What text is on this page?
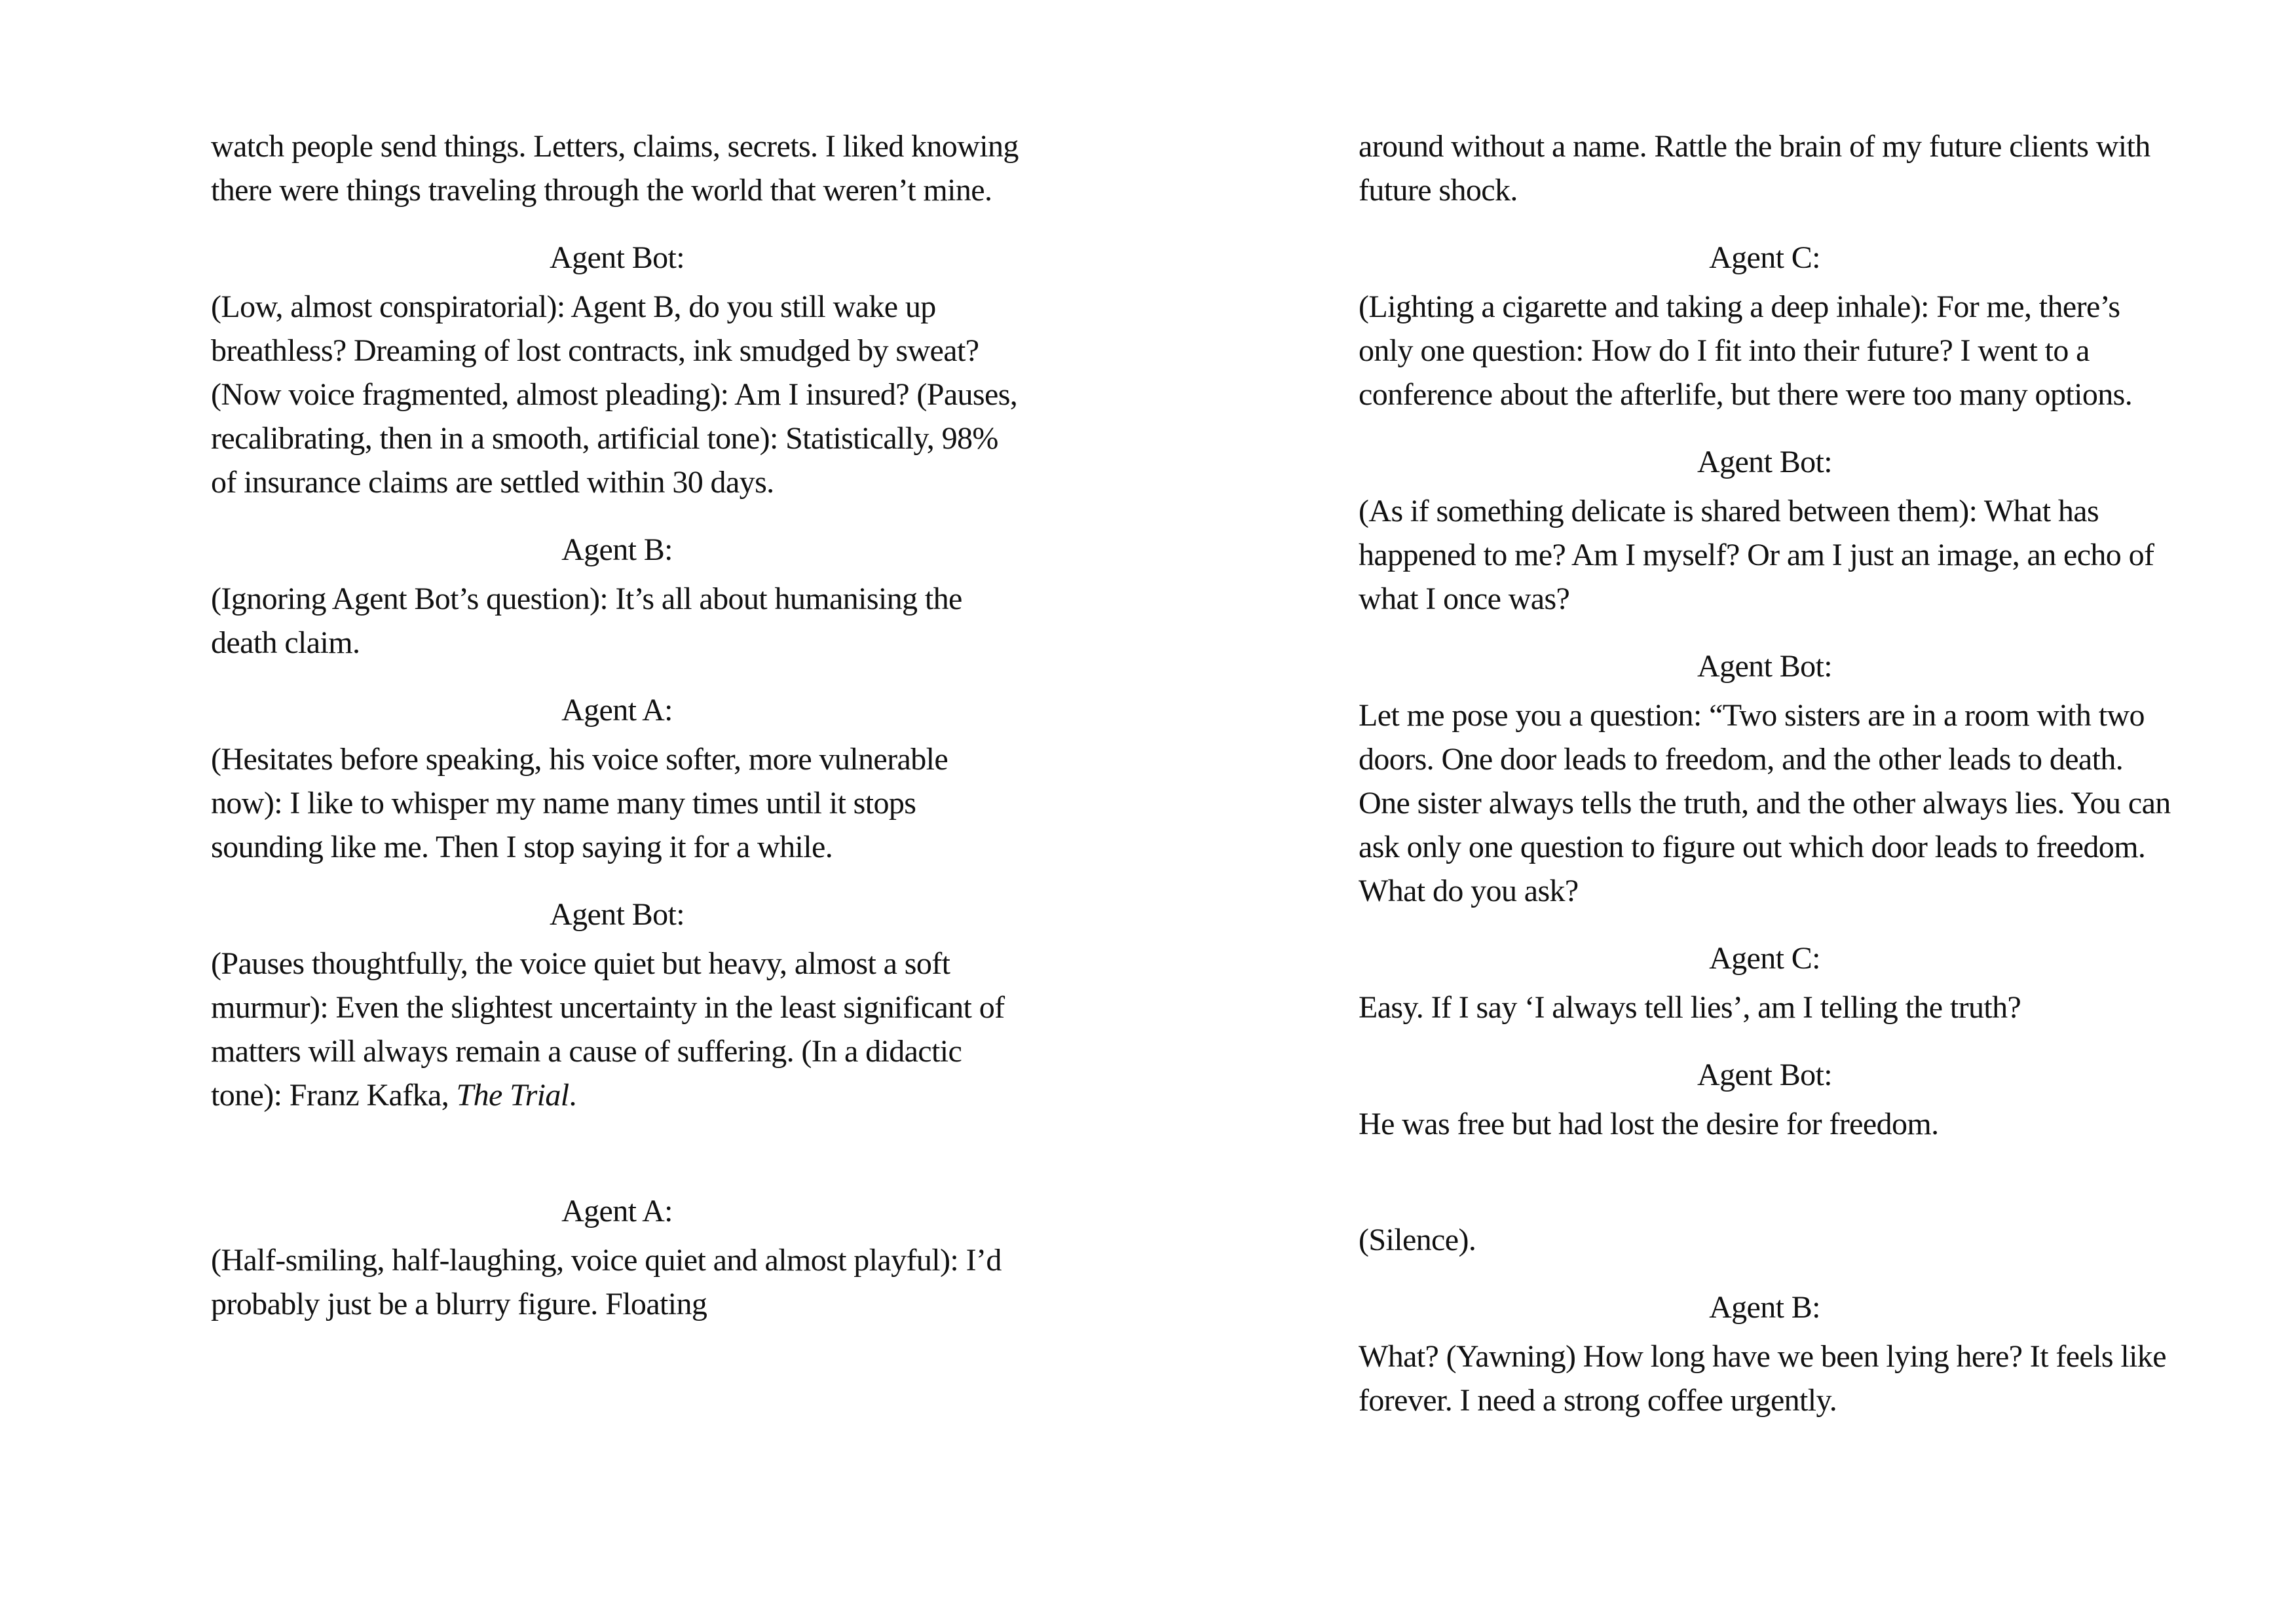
watch people send things. Letters, claims, secrets. I liked knowing there were things traveling through the world that weren’t mine.

Agent Bot:

(Low, almost conspiratorial): Agent B, do you still wake up breathless? Dreaming of lost contracts, ink smudged by sweat? (Now voice fragmented, almost pleading): Am I insured? (Pauses, recalibrating, then in a smooth, artificial tone): Statistically, 98% of insurance claims are settled within 30 days.

Agent B:

(Ignoring Agent Bot’s question): It’s all about humanising the death claim.

Agent A:

(Hesitates before speaking, his voice softer, more vulnerable now): I like to whisper my name many times until it stops sounding like me. Then I stop saying it for a while.

Agent Bot:

(Pauses thoughtfully, the voice quiet but heavy, almost a soft murmur): Even the slightest uncertainty in the least significant of matters will always remain a cause of suffering. (In a didactic tone): Franz Kafka, The Trial.

Agent A:

(Half-smiling, half-laughing, voice quiet and almost playful): I’d probably just be a blurry figure. Floating

around without a name. Rattle the brain of my future clients with future shock.

Agent C:

(Lighting a cigarette and taking a deep inhale): For me, there’s only one question: How do I fit into their future? I went to a conference about the afterlife, but there were too many options.

Agent Bot:

(As if something delicate is shared between them): What has happened to me? Am I myself? Or am I just an image, an echo of what I once was?

Agent Bot:

Let me pose you a question: “Two sisters are in a room with two doors. One door leads to freedom, and the other leads to death. One sister always tells the truth, and the other always lies. You can ask only one question to figure out which door leads to freedom. What do you ask?

Agent C:

Easy. If I say ‘I always tell lies’, am I telling the truth?

Agent Bot:

He was free but had lost the desire for freedom.

(Silence).

Agent B:

What? (Yawning) How long have we been lying here? It feels like forever. I need a strong coffee urgently.
